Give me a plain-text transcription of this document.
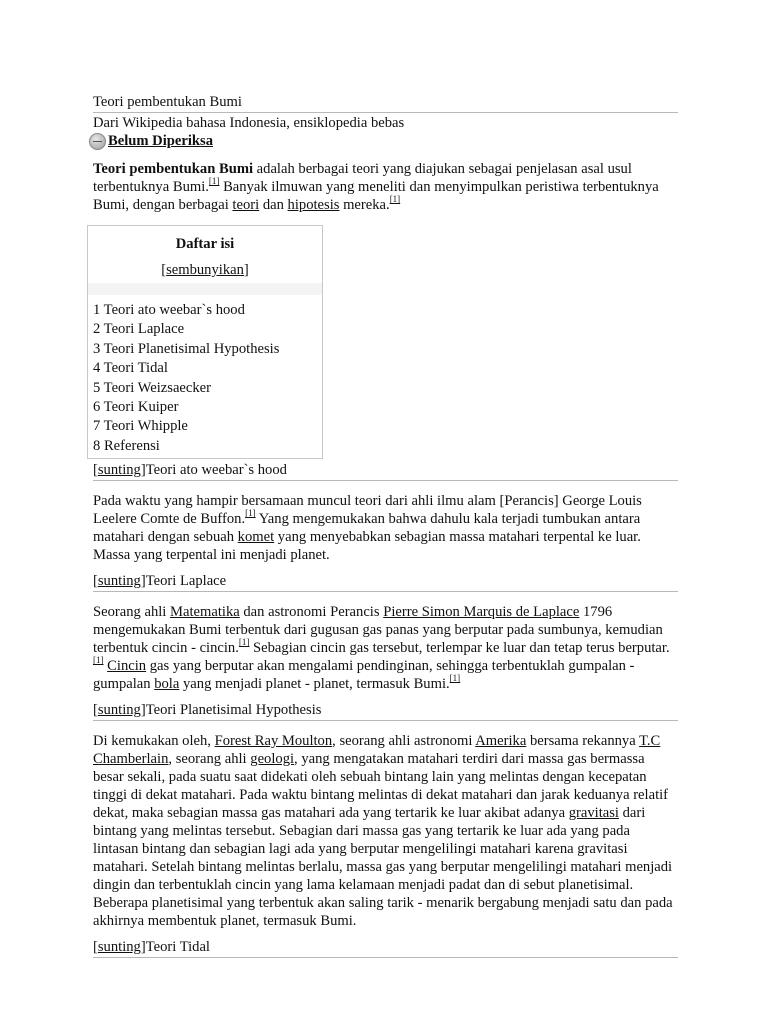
Teori pembentukan Bumi
Dari Wikipedia bahasa Indonesia, ensiklopedia bebas
Belum Diperiksa

Teori pembentukan Bumi adalah berbagai teori yang diajukan sebagai penjelasan asal usul terbentuknya Bumi.[1] Banyak ilmuwan yang meneliti dan menyimpulkan peristiwa terbentuknya Bumi, dengan berbagai teori dan hipotesis mereka.[1]

[sunting]Teori ato weebar`s hood

Pada waktu yang hampir bersamaan muncul teori dari ahli ilmu alam [Perancis] George Louis Leelere Comte de Buffon.[1] Yang mengemukakan bahwa dahulu kala terjadi tumbukan antara matahari dengan sebuah komet yang menyebabkan sebagian massa matahari terpental ke luar. Massa yang terpental ini menjadi planet.

[sunting]Teori Laplace

Seorang ahli Matematika dan astronomi Perancis Pierre Simon Marquis de Laplace 1796 mengemukakan Bumi terbentuk dari gugusan gas panas yang berputar pada sumbunya, kemudian terbentuk cincin - cincin.[1] Sebagian cincin gas tersebut, terlempar ke luar dan tetap terus berputar.[1] Cincin gas yang berputar akan mengalami pendinginan, sehingga terbentuklah gumpalan - gumpalan bola yang menjadi planet - planet, termasuk Bumi.[1]

[sunting]Teori Planetisimal Hypothesis

Di kemukakan oleh, Forest Ray Moulton, seorang ahli astronomi Amerika bersama rekannya T.C Chamberlain, seorang ahli geologi, yang mengatakan matahari terdiri dari massa gas bermassa besar sekali, pada suatu saat didekati oleh sebuah bintang lain yang melintas dengan kecepatan tinggi di dekat matahari. Pada waktu bintang melintas di dekat matahari dan jarak keduanya relatif dekat, maka sebagian massa gas matahari ada yang tertarik ke luar akibat adanya gravitasi dari bintang yang melintas tersebut. Sebagian dari massa gas yang tertarik ke luar ada yang pada lintasan bintang dan sebagian lagi ada yang berputar mengelilingi matahari karena gravitasi matahari. Setelah bintang melintas berlalu, massa gas yang berputar mengelilingi matahari menjadi dingin dan terbentuklah cincin yang lama kelamaan menjadi padat dan di sebut planetisimal. Beberapa planetisimal yang terbentuk akan saling tarik - menarik bergabung menjadi satu dan pada akhirnya membentuk planet, termasuk Bumi.

[sunting]Teori Tidal
Daftar isi
[sembunyikan]
1 Teori ato weebar`s hood
2 Teori Laplace
3 Teori Planetisimal Hypothesis
4 Teori Tidal
5 Teori Weizsaecker
6 Teori Kuiper
7 Teori Whipple
8 Referensi
